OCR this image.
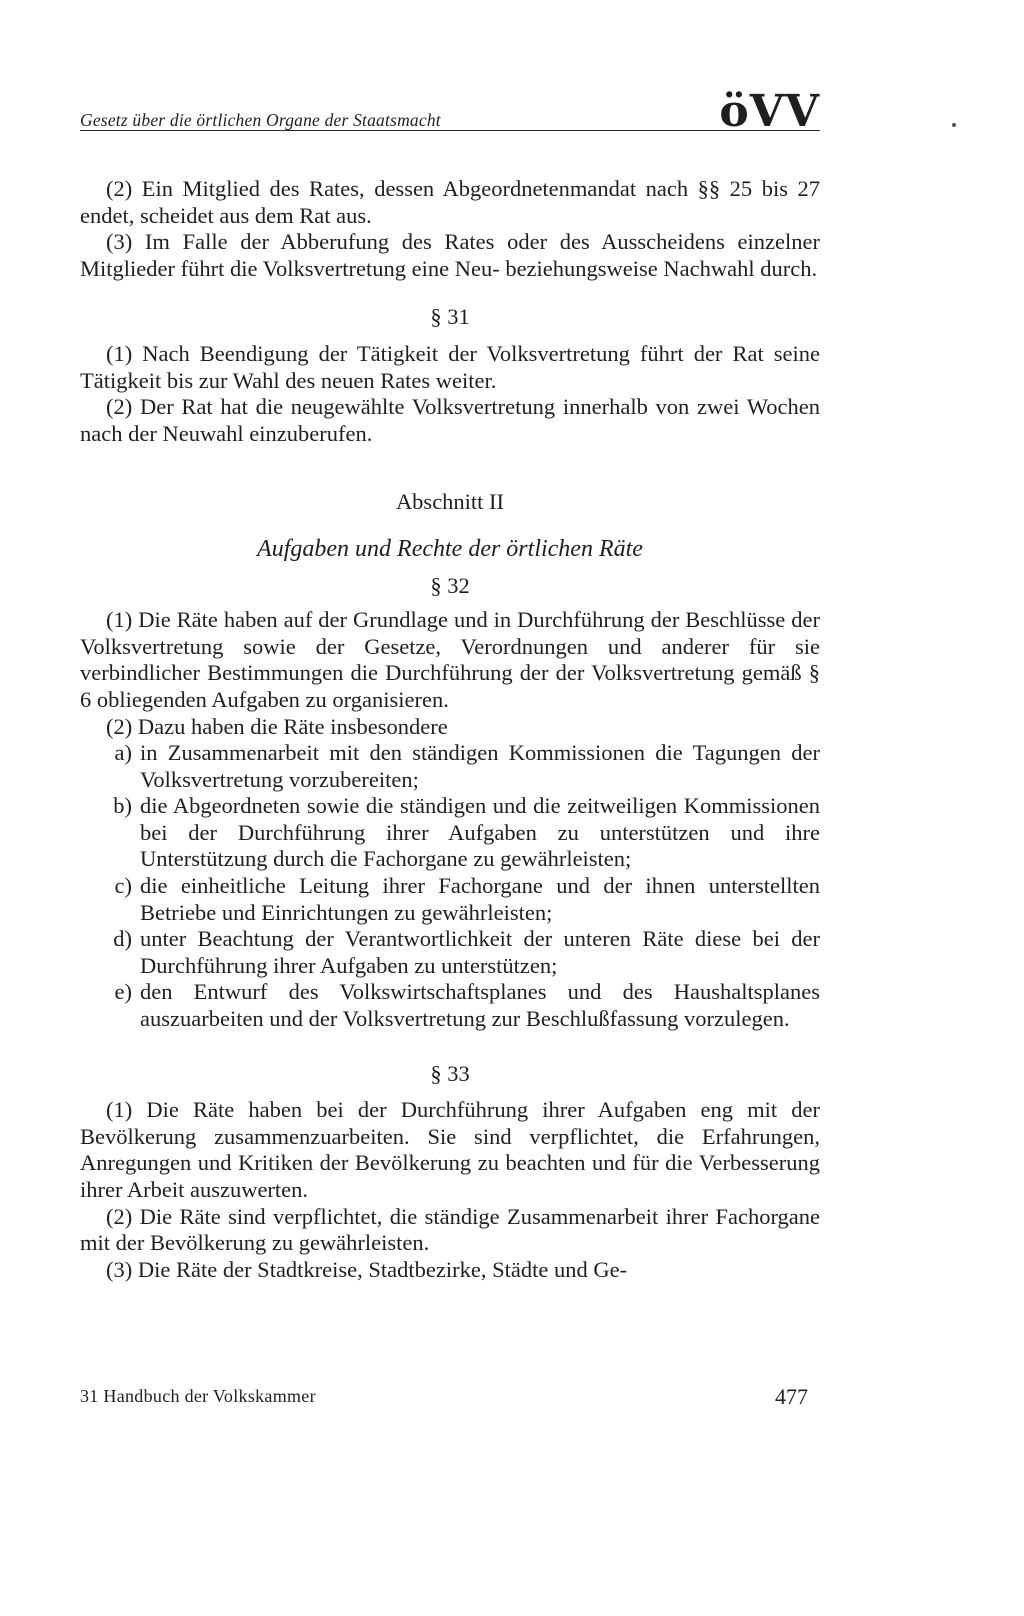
Gesetz über die örtlichen Organe der Staatsmacht	öVV

(2) Ein Mitglied des Rates, dessen Abgeordnetenmandat nach §§ 25 bis 27 endet, scheidet aus dem Rat aus.

(3) Im Falle der Abberufung des Rates oder des Ausscheidens einzelner Mitglieder führt die Volksvertretung eine Neu- beziehungsweise Nachwahl durch.

§ 31

(1) Nach Beendigung der Tätigkeit der Volksvertretung führt der Rat seine Tätigkeit bis zur Wahl des neuen Rates weiter.

(2) Der Rat hat die neugewählte Volksvertretung innerhalb von zwei Wochen nach der Neuwahl einzuberufen.

Abschnitt II

Aufgaben und Rechte der örtlichen Räte

§ 32

(1) Die Räte haben auf der Grundlage und in Durchführung der Beschlüsse der Volksvertretung sowie der Gesetze, Verordnungen und anderer für sie verbindlicher Bestimmungen die Durchführung der der Volksvertretung gemäß § 6 obliegenden Aufgaben zu organisieren.

(2) Dazu haben die Räte insbesondere

a) in Zusammenarbeit mit den ständigen Kommissionen die Tagungen der Volksvertretung vorzubereiten;
b) die Abgeordneten sowie die ständigen und die zeitweiligen Kommissionen bei der Durchführung ihrer Aufgaben zu unterstützen und ihre Unterstützung durch die Fachorgane zu gewährleisten;
c) die einheitliche Leitung ihrer Fachorgane und der ihnen unterstellten Betriebe und Einrichtungen zu gewährleisten;
d) unter Beachtung der Verantwortlichkeit der unteren Räte diese bei der Durchführung ihrer Aufgaben zu unterstützen;
e) den Entwurf des Volkswirtschaftsplanes und des Haushaltsplanes auszuarbeiten und der Volksvertretung zur Beschlußfassung vorzulegen.

§ 33

(1) Die Räte haben bei der Durchführung ihrer Aufgaben eng mit der Bevölkerung zusammenzuarbeiten. Sie sind verpflichtet, die Erfahrungen, Anregungen und Kritiken der Bevölkerung zu beachten und für die Verbesserung ihrer Arbeit auszuwerten.

(2) Die Räte sind verpflichtet, die ständige Zusammenarbeit ihrer Fachorgane mit der Bevölkerung zu gewährleisten.

(3) Die Räte der Stadtkreise, Stadtbezirke, Städte und Ge-

31 Handbuch der Volkskammer	477
